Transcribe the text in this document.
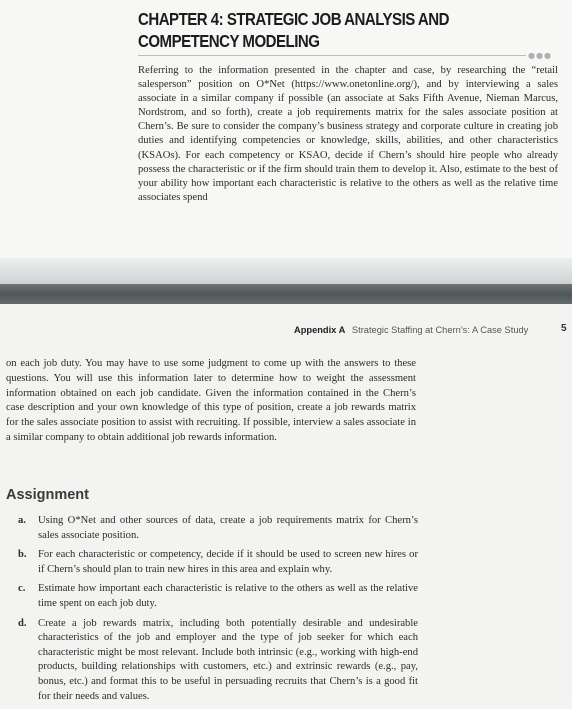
CHAPTER 4: STRATEGIC JOB ANALYSIS AND COMPETENCY MODELING
●●●
Referring to the information presented in the chapter and case, by researching the “retail salesperson” position on O*Net (https://www.onetonline.org/), and by interviewing a sales associate in a similar company if possible (an associate at Saks Fifth Avenue, Nieman Marcus, Nordstrom, and so forth), create a job requirements matrix for the sales associate position at Chern’s. Be sure to consider the company’s business strategy and corporate culture in creating job duties and identifying competencies or knowledge, skills, abilities, and other characteristics (KSAOs). For each competency or KSAO, decide if Chern’s should hire people who already possess the characteristic or if the firm should train them to develop it. Also, estimate to the best of your ability how important each characteristic is relative to the others as well as the relative time associates spend
Appendix A Strategic Staffing at Chern’s: A Case Study	5
on each job duty. You may have to use some judgment to come up with the answers to these questions. You will use this information later to determine how to weight the assessment information obtained on each job candidate. Given the information contained in the Chern’s case description and your own knowledge of this type of position, create a job rewards matrix for the sales associate position to assist with recruiting. If possible, interview a sales associate in a similar company to obtain additional job rewards information.
Assignment
a. Using O*Net and other sources of data, create a job requirements matrix for Chern’s sales associate position.
b. For each characteristic or competency, decide if it should be used to screen new hires or if Chern’s should plan to train new hires in this area and explain why.
c. Estimate how important each characteristic is relative to the others as well as the relative time spent on each job duty.
d. Create a job rewards matrix, including both potentially desirable and undesirable characteristics of the job and employer and the type of job seeker for which each characteristic might be most relevant. Include both intrinsic (e.g., working with high-end products, building relationships with customers, etc.) and extrinsic rewards (e.g., pay, bonus, etc.) and format this to be useful in persuading recruits that Chern’s is a good fit for their needs and values.
